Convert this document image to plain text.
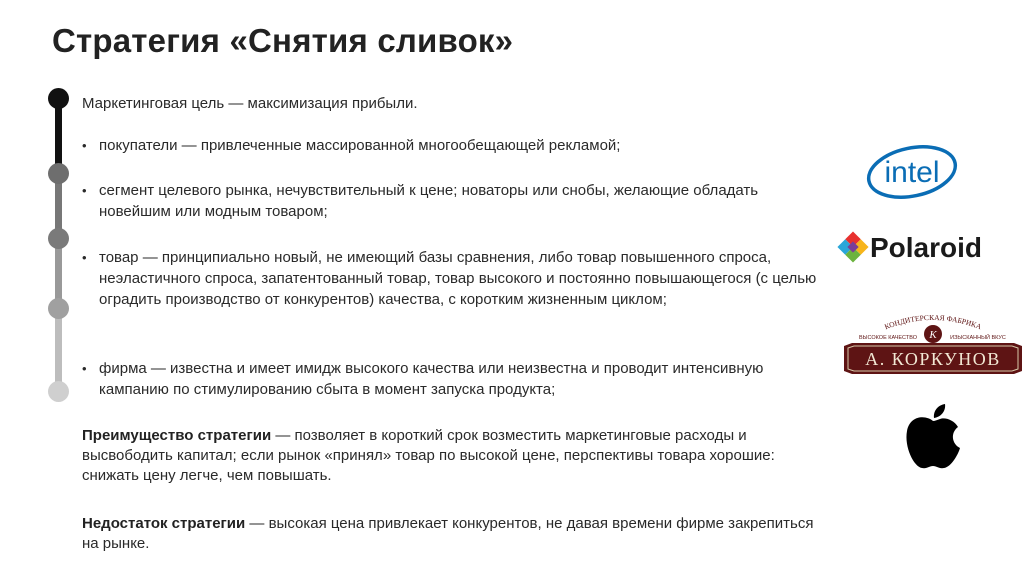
Стратегия «Снятия сливок»
Маркетинговая цель — максимизация прибыли.
• покупатели — привлеченные массированной многообещающей рекламой;
• сегмент целевого рынка, нечувствительный к цене; новаторы или снобы, желающие обладать новейшим или модным товаром;
• товар — принципиально новый, не имеющий базы сравнения, либо товар повышенного спроса, неэластичного спроса, запатентованный товар, товар высокого и постоянно повышающегося (с целью оградить производство от конкурентов) качества, с коротким жизненным циклом;
• фирма — известна и имеет имидж высокого качества или неизвестна и проводит интенсивную кампанию по стимулированию сбыта в момент запуска продукта;
Преимущество стратегии — позволяет в короткий срок возместить маркетинговые расходы и высвободить капитал; если рынок «принял» товар по высокой цене, перспективы товара хорошие: снижать цену легче, чем повышать.
Недостаток стратегии — высокая цена привлекает конкурентов, не давая времени фирме закрепиться на рынке.
intel
Polaroid
КОНДИТЕРСКАЯ ФАБРИКА
К
ВЫСОКОЕ КАЧЕСТВО	ИЗЫСКАННЫЙ ВКУС
А. КОРКУНОВ
